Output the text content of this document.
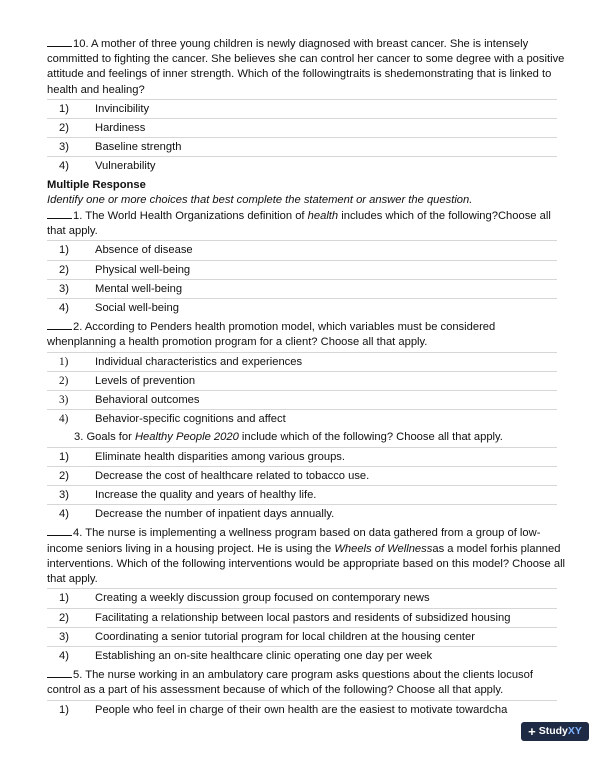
10. A mother of three young children is newly diagnosed with breast cancer. She is intensely committed to fighting the cancer. She believes she can control her cancer to some degree with a positive attitude and feelings of inner strength. Which of the followingtraits is shedemonstrating that is linked to health and healing?

1)	Invincibility
2)	Hardiness
3)	Baseline strength
4)	Vulnerability
Multiple Response
Identify one or more choices that best complete the statement or answer the question.

1. The World Health Organizations definition of health includes which of the following?Choose all that apply.

1)	Absence of disease
2)	Physical well-being
3)	Mental well-being
4)	Social well-being

2. According to Penders health promotion model, which variables must be considered whenplanning a health promotion program for a client? Choose all that apply.

1)	Individual characteristics and experiences
2)	Levels of prevention
3)	Behavioral outcomes
4)	Behavior-specific cognitions and affect

3. Goals for Healthy People 2020 include which of the following? Choose all that apply.

1)	Eliminate health disparities among various groups.
2)	Decrease the cost of healthcare related to tobacco use.
3)	Increase the quality and years of healthy life.
4)	Decrease the number of inpatient days annually.

4. The nurse is implementing a wellness program based on data gathered from a group of low-income seniors living in a housing project. He is using the Wheels of Wellnessas a model forhis planned interventions. Which of the following interventions would be appropriate based on this model? Choose all that apply.

1)	Creating a weekly discussion group focused on contemporary news
2)	Facilitating a relationship between local pastors and residents of subsidized housing
3)	Coordinating a senior tutorial program for local children at the housing center
4)	Establishing an on-site healthcare clinic operating one day per week

5. The nurse working in an ambulatory care program asks questions about the clients locusof control as a part of his assessment because of which of the following? Choose all that apply.

1)	People who feel in charge of their own health are the easiest to motivate towardcha
+ StudyXY
